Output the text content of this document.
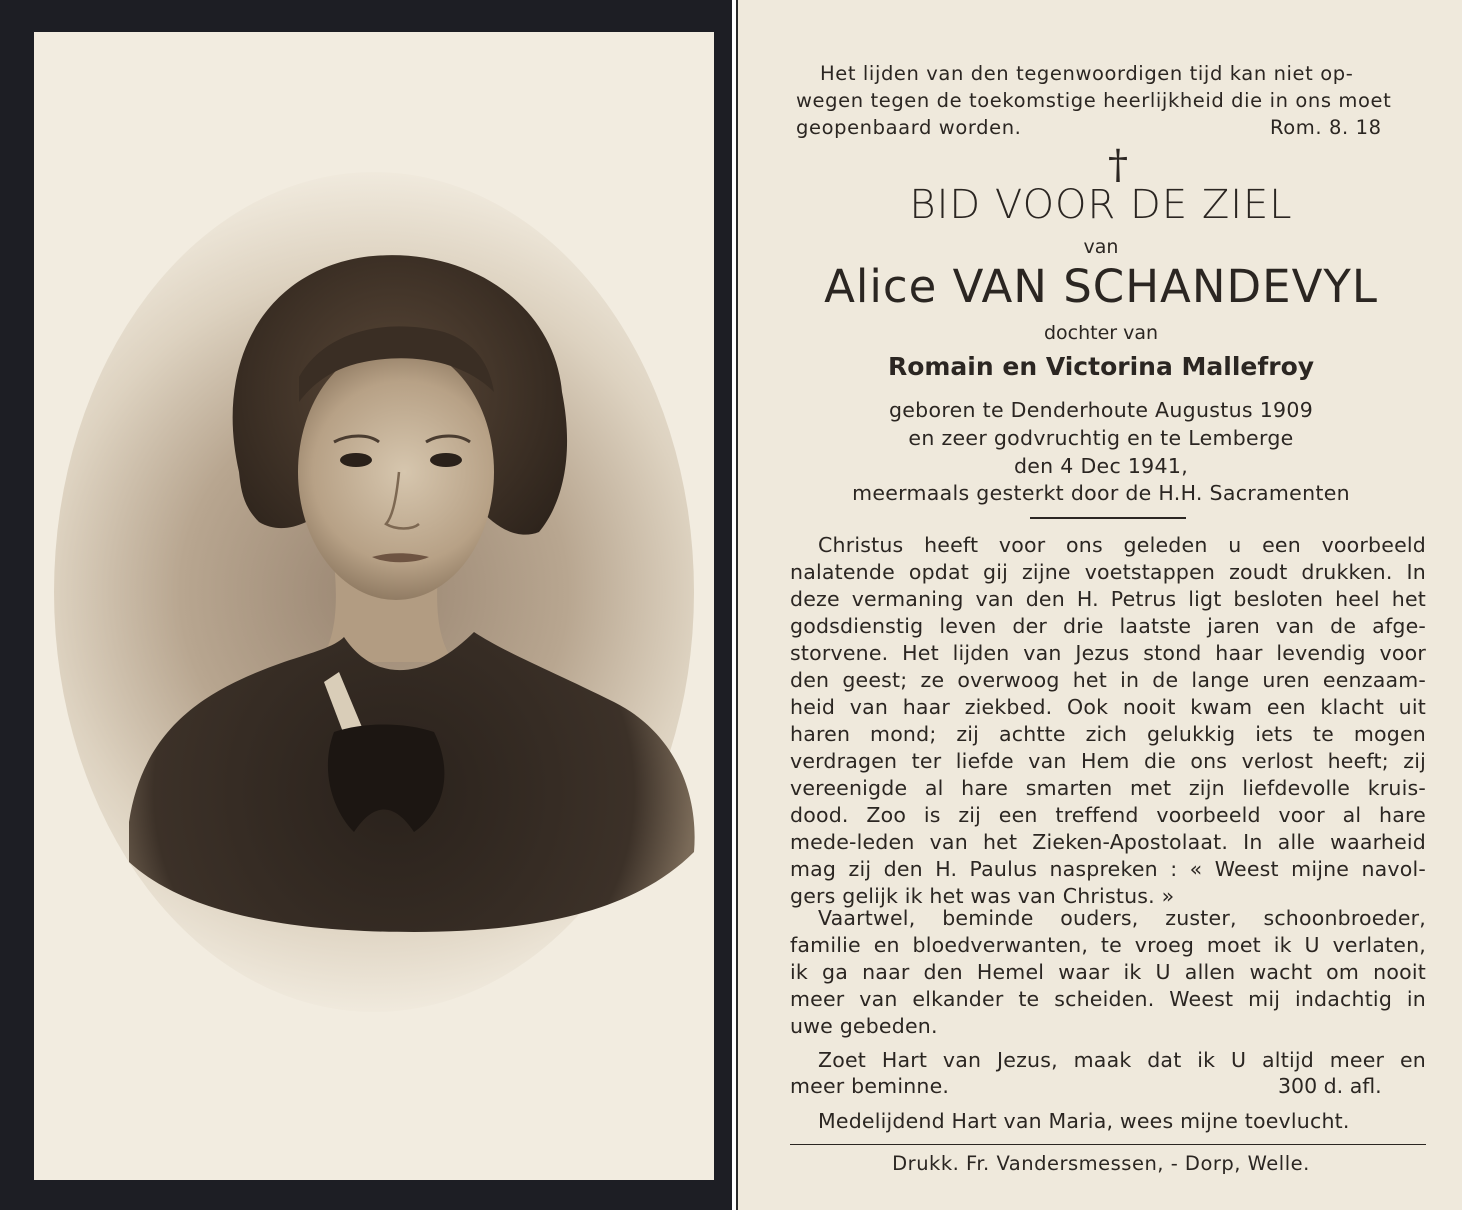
Het lijden van den tegenwoordigen tijd kan niet op-
wegen tegen de toekomstige heerlijkheid die in ons moet
geopenbaard worden.	Rom. 8. 18
†
BID VOOR DE ZIEL
van
Alice VAN SCHANDEVYL
dochter van
Romain en Victorina Mallefroy
geboren te Denderhoute Augustus 1909
en zeer godvruchtig en te Lemberge
den 4 Dec 1941,
meermaals gesterkt door de H.H. Sacramenten
Christus heeft voor ons geleden u een voorbeeld
nalatende opdat gij zijne voetstappen zoudt drukken. In
deze vermaning van den H. Petrus ligt besloten heel het
godsdienstig leven der drie laatste jaren van de afge-
storvene. Het lijden van Jezus stond haar levendig voor
den geest; ze overwoog het in de lange uren eenzaam-
heid van haar ziekbed. Ook nooit kwam een klacht uit
haren mond; zij achtte zich gelukkig iets te mogen
verdragen ter liefde van Hem die ons verlost heeft; zij
vereenigde al hare smarten met zijn liefdevolle kruis-
dood. Zoo is zij een treffend voorbeeld voor al hare
mede-leden van het Zieken-Apostolaat. In alle waarheid
mag zij den H. Paulus naspreken : « Weest mijne navol-
gers gelijk ik het was van Christus. »
Vaartwel, beminde ouders, zuster, schoonbroeder,
familie en bloedverwanten, te vroeg moet ik U verlaten,
ik ga naar den Hemel waar ik U allen wacht om nooit
meer van elkander te scheiden. Weest mij indachtig in
uwe gebeden.
Zoet Hart van Jezus, maak dat ik U altijd meer en
meer beminne.	300 d. afl.
Medelijdend Hart van Maria, wees mijne toevlucht.
Drukk. Fr. Vandersmessen, - Dorp, Welle.
